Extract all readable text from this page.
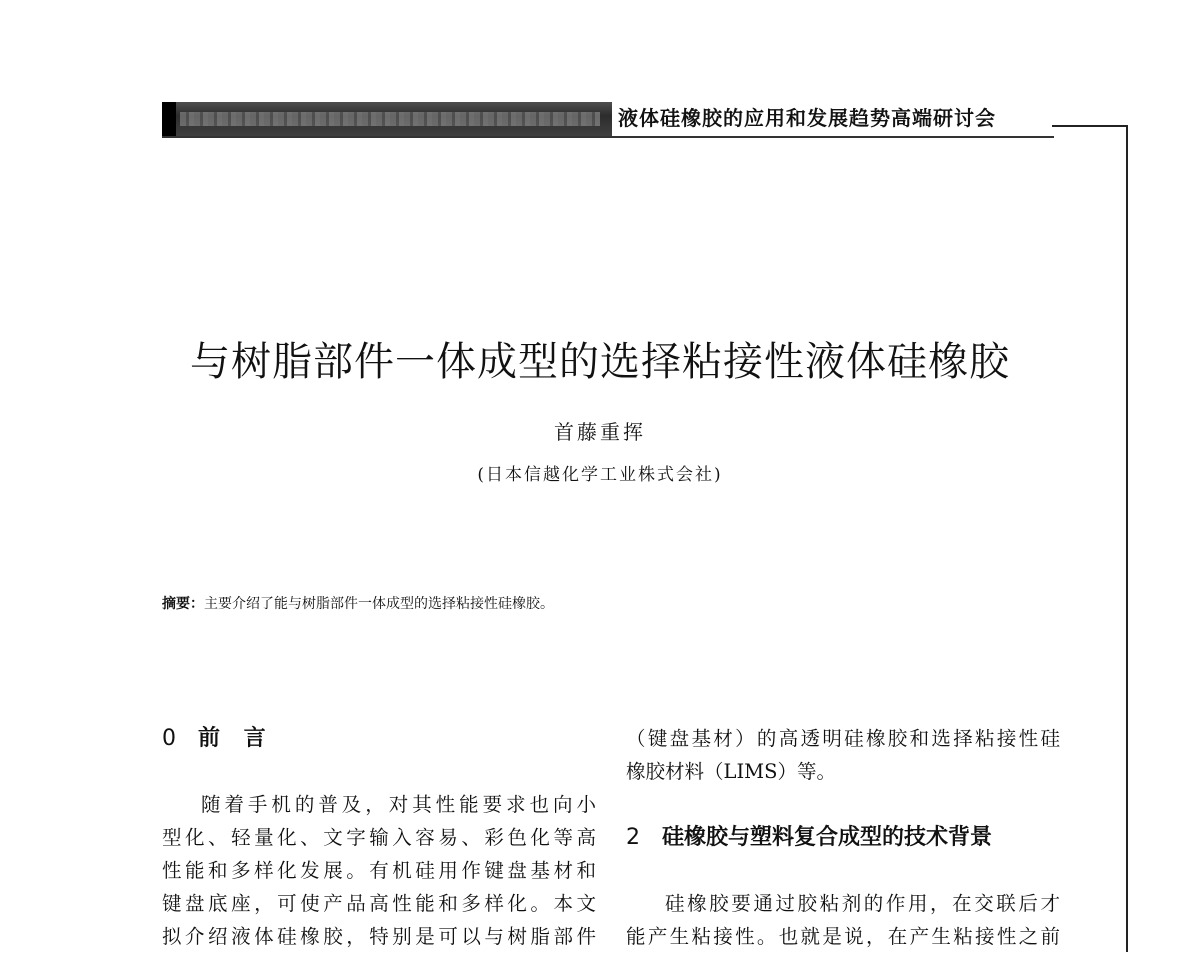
液体硅橡胶的应用和发展趋势高端研讨会
与树脂部件一体成型的选择粘接性液体硅橡胶
首藤重挥
(日本信越化学工业株式会社)
摘要：主要介绍了能与树脂部件一体成型的选择粘接性硅橡胶。
0 前 言
随着手机的普及，对其性能要求也向小
型化、轻量化、文字输入容易、彩色化等高
性能和多样化发展。有机硅用作键盘基材和
键盘底座，可使产品高性能和多样化。本文
拟介绍液体硅橡胶，特别是可以与树脂部件
（键盘基材）的高透明硅橡胶和选择粘接性硅
橡胶材料（LIMS）等。
2 硅橡胶与塑料复合成型的技术背景
硅橡胶要通过胶粘剂的作用，在交联后才
能产生粘接性。也就是说，在产生粘接性之前
